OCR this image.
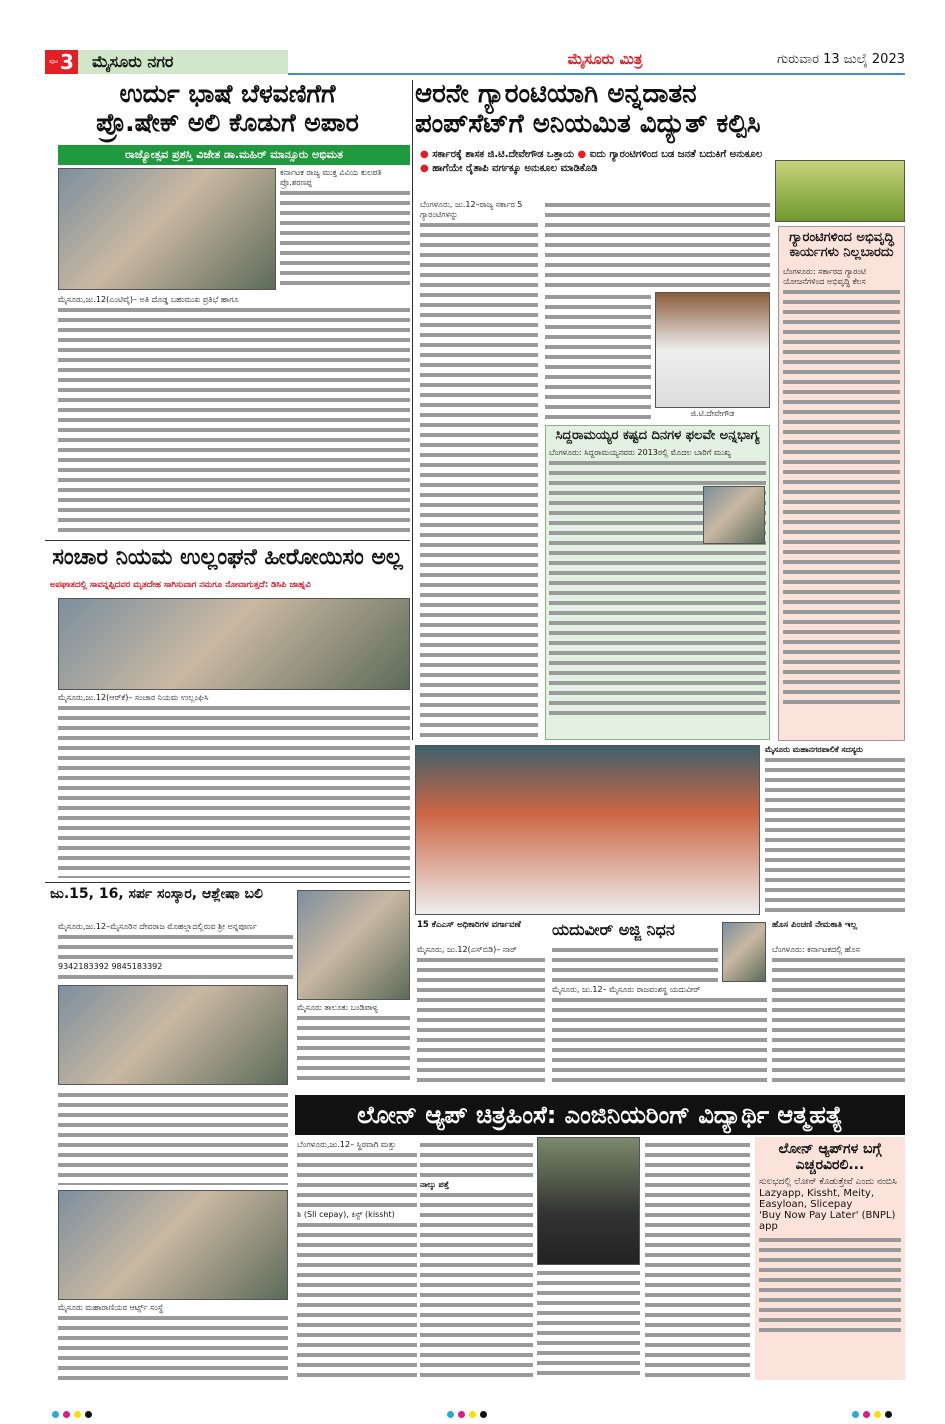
ಪುಟ 3	ಮೈಸೂರು ನಗರ	ಮೈಸೂರು ಮಿತ್ರ	ಗುರುವಾರ 13 ಜುಲೈ 2023
ಉರ್ದು ಭಾಷೆ ಬೆಳವಣಿಗೆಗೆ
ಪ್ರೊ.ಷೇಕ್ ಅಲಿ ಕೊಡುಗೆ ಅಪಾರ
ರಾಜ್ಯೋತ್ಸವ ಪ್ರಶಸ್ತಿ ವಿಜೇತ ಡಾ.ಮಹಿರ್ ಮಾನ್ಸೂರು ಅಭಿಮತ
ಕರ್ನಾಟಕ ರಾಜ್ಯ ಮುಕ್ತ ವಿವಿಯ ಕುಲಪತಿ ಪ್ರೊ.ಶರಣಪ್ಪ
ಮೈಸೂರು,ಜು.12(ಎಂಟಿವೈ)– ಅತಿ ದೊಡ್ಡ ಬಹುಮುಖ ಪ್ರತಿಭೆ ಹಾಗೂ
ಆರನೇ ಗ್ಯಾರಂಟಿಯಾಗಿ ಅನ್ನದಾತನ
ಪಂಪ್‌ಸೆಟ್‌ಗೆ ಅನಿಯಮಿತ ವಿದ್ಯುತ್ ಕಲ್ಪಿಸಿ
● ಸರ್ಕಾರಕ್ಕೆ ಶಾಸಕ ಜಿ.ಟಿ.ದೇವೇಗೌಡ ಒತ್ತಾಯ ● ಐದು ಗ್ಯಾರಂಟಿಗಳಿಂದ ಬಡ ಜನತೆ ಬದುಕಿಗೆ ಅನುಕೂಲ ● ಹಾಗೆಯೇ ರೈತಾಪಿ ವರ್ಗಕ್ಕೂ ಅನುಕೂಲ ಮಾಡಿಕೊಡಿ
ಬೆಂಗಳೂರು, ಜು.12–ರಾಜ್ಯ ಸರ್ಕಾರ 5 ಗ್ಯಾರಂಟಿಗಳನ್ನು
ಜಿ.ಟಿ.ದೇವೇಗೌಡ
ಗ್ಯಾರಂಟಿಗಳಿಂದ ಅಭಿವೃದ್ಧಿ ಕಾರ್ಯಗಳು ನಿಲ್ಲಬಾರದು
ಬೆಂಗಳೂರು: ಸರ್ಕಾರದ ಗ್ಯಾರಂಟಿ ಯೋಜನೆಗಳಿಂದ ಅಭಿವೃದ್ಧಿ ಕೆಲಸ
ಸಿದ್ದರಾಮಯ್ಯರ ಕಷ್ಟದ ದಿನಗಳ ಫಲವೇ ಅನ್ನಭಾಗ್ಯ
ಬೆಂಗಳೂರು: ಸಿದ್ದರಾಮಯ್ಯನವರು 2013ರಲ್ಲಿ ಮೊದಲ ಬಾರಿಗೆ ಮುಖ್ಯ
ಸಂಚಾರ ನಿಯಮ ಉಲ್ಲಂಘನೆ ಹೀರೋಯಿಸಂ ಅಲ್ಲ
ಅಪಘಾತದಲ್ಲಿ ಸಾವನ್ನಪ್ಪಿದವರ ಮೃತದೇಹ ಸಾಗಿಸುವಾಗ ನಮಗೂ ನೋವಾಗುತ್ತದೆ: ಡಿಸಿಪಿ ಜಾಹ್ನವಿ
ಮೈಸೂರು,ಜು.12(ಆರ್‌ಕೆ)– ಸಂಚಾರ ನಿಯಮ ಉಲ್ಲಂಘಿಸಿ
ಮೈಸೂರು ಮಹಾನಗರಪಾಲಿಕೆ ಸದಸ್ಯರು
ಜು.15, 16, ಸರ್ಪ ಸಂಸ್ಕಾರ, ಆಶ್ಲೇಷಾ ಬಲಿ
ಮೈಸೂರು,ಜು.12–ಮೈಸೂರಿನ ದೇವರಾಜ ಮೊಹಲ್ಲಾದಲ್ಲಿರುವ ಶ್ರೀ ಅನ್ನಪೂರ್ಣ
9342183392 9845183392
ಮೈಸೂರು ತಾಲೂಕು ಬಂಡಿಪಾಳ್ಯ
15 ಕೆಎಎಸ್ ಅಧಿಕಾರಿಗಳ ವರ್ಗಾವಣೆ
ಮೈಸೂರು, ಜು.12(ಎಸ್‌ಬಿಡಿ)– ನಾರ್
ಯದುವೀರ್ ಅಜ್ಜಿ ನಿಧನ
ಮೈಸೂರು, ಜು.12– ಮೈಸೂರು ರಾಜವಂಶಸ್ಥ ಯದುವೀರ್
ಹೊಸ ಪಿಂಚಣಿ ನೇಮಕಾತಿ ಇಲ್ಲ
ಬೆಂಗಳೂರು: ಕರ್ನಾಟಕದಲ್ಲಿ ಹೊಸ
ಲೋನ್ ಆ್ಯಪ್ ಚಿತ್ರಹಿಂಸೆ: ಎಂಜಿನಿಯರಿಂಗ್ ವಿದ್ಯಾರ್ಥಿ ಆತ್ಮಹತ್ಯೆ
ಬೆಂಗಳೂರು,ಜು.12– ಸ್ಥಿರವಾಗಿ ಮತ್ತು
ಶಿ (Sli cepay), ಕಿಸ್ಟ್ (kissht)
ನಾಲ್ಕು ಪತ್ತೆ
ಲೋನ್ ಆ್ಯಪ್‌ಗಳ ಬಗ್ಗೆ ಎಚ್ಚರವಿರಲಿ...
ಸುಲಭದಲ್ಲಿ ಲೋನ್ ಕೊಡುತ್ತೇವೆ ಎಂದು ನಂಬಿಸಿ
Lazyapp, Kissht, Meity, Easyloan, Slicepay
'Buy Now Pay Later' (BNPL) app
ಮೈಸೂರು ಮಹಾರಾಣಿಯರ ಆರ್ಟ್ಸ್ ಸಂಸ್ಥೆ
